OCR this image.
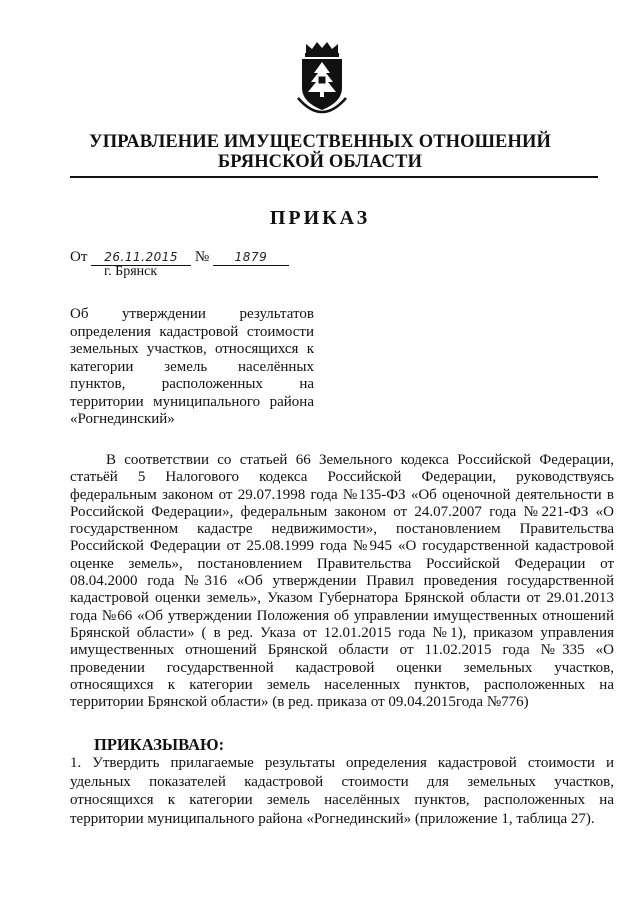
УПРАВЛЕНИЕ ИМУЩЕСТВЕННЫХ ОТНОШЕНИЙ
БРЯНСКОЙ ОБЛАСТИ
ПРИКАЗ
От 26.11.2015 № 1879
г. Брянск
Об утверждении результатов
определения кадастровой стоимости
земельных участков, относящихся к
категории земель населённых
пунктов, расположенных на
территории муниципального района
«Рогнединский»
В соответствии со статьей 66 Земельного кодекса Российской Федерации,
статьёй 5 Налогового кодекса Российской Федерации, руководствуясь
федеральным законом от 29.07.1998 года №135-ФЗ «Об оценочной деятельности в
Российской Федерации», федеральным законом от 24.07.2007 года №221-ФЗ «О
государственном кадастре недвижимости», постановлением Правительства
Российской Федерации от 25.08.1999 года №945 «О государственной кадастровой
оценке земель», постановлением Правительства Российской Федерации от
08.04.2000 года №316 «Об утверждении Правил проведения государственной
кадастровой оценки земель», Указом Губернатора Брянской области от 29.01.2013
года №66 «Об утверждении Положения об управлении имущественных отношений
Брянской области» ( в ред. Указа от 12.01.2015 года №1), приказом управления
имущественных отношений Брянской области от 11.02.2015 года №335 «О
проведении государственной кадастровой оценки земельных участков,
относящихся к категории земель населенных пунктов, расположенных на
территории Брянской области» (в ред. приказа от 09.04.2015года №776)
ПРИКАЗЫВАЮ:
1. Утвердить прилагаемые результаты определения кадастровой стоимости и
удельных показателей кадастровой стоимости для земельных участков,
относящихся к категории земель населённых пунктов, расположенных на
территории муниципального района «Рогнединский» (приложение 1, таблица 27).
